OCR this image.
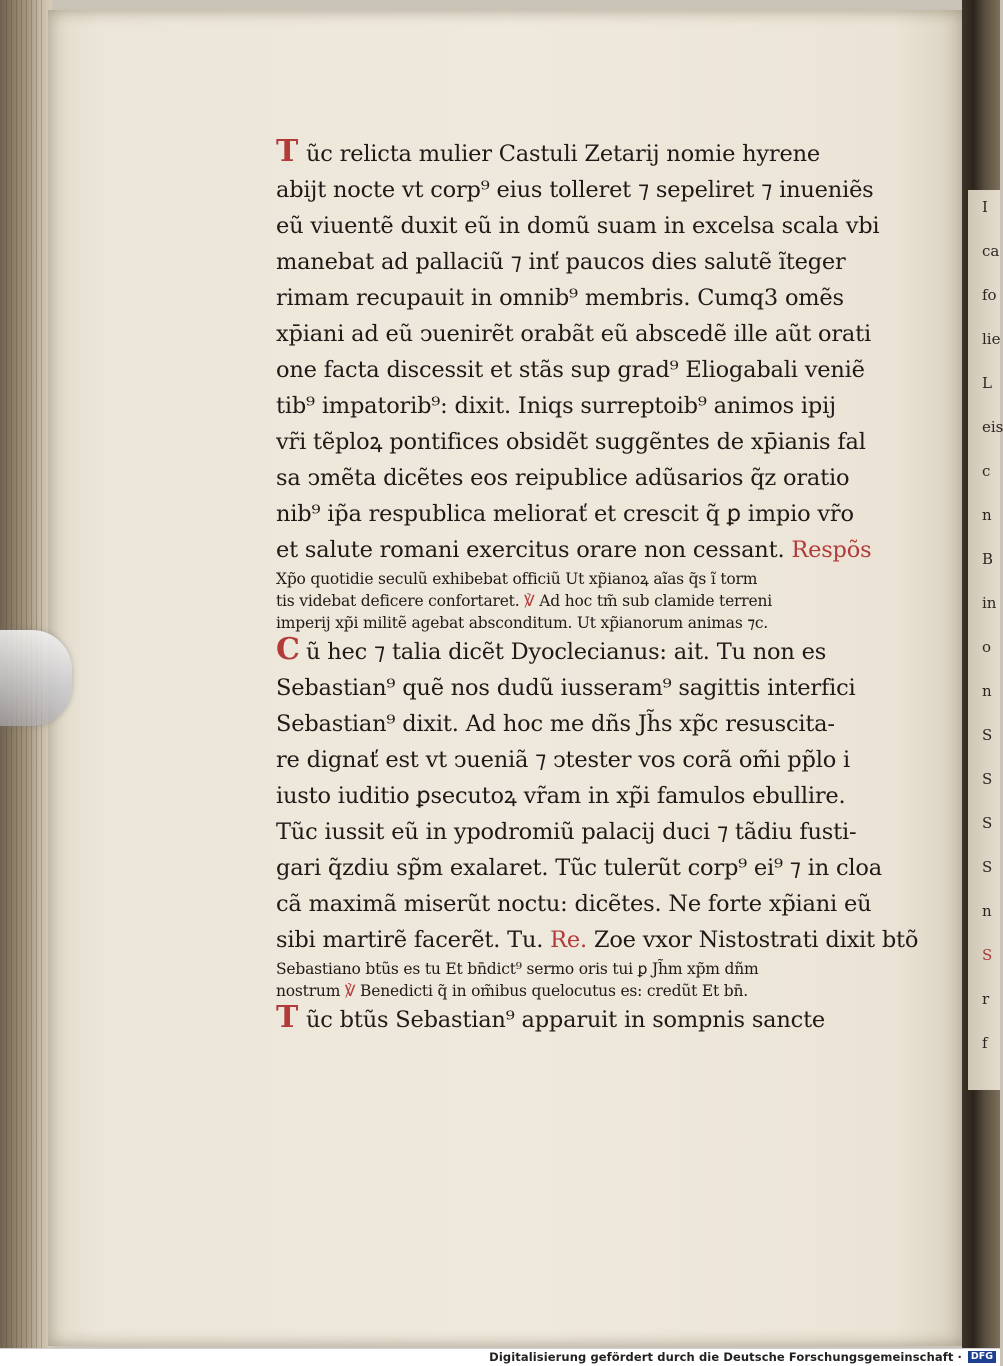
I
ca
fo
lie
L
eis
c
n
B
in
o
n
S
S
S
S
n
S
r
f
T ũc relicta mulier Castuli Zetarij nomie hyrene
abijt nocte vt corp⁹ eius tolleret ⁊ sepeliret ⁊ inueniẽs
eũ viuentẽ duxit eũ in domũ suam in excelsa scala vbi
manebat ad pallaciũ ⁊ inť paucos dies salutẽ ĩteger
rimam recupauit in omnib⁹ membris. Cumq3 omẽs
xp̄iani ad eũ ↄuenirẽt orabãt eũ abscedẽ ille aũt orati
one facta discessit et stãs sup grad⁹ Eliogabali veniẽ
tib⁹ impatorib⁹: dixit. Iniqs surreptoib⁹ animos ipij
vr̃i tẽploꝝ pontifices obsidẽt suggẽntes de xp̄ianis fal
sa ↄmẽta dicẽtes eos reipublice adũsarios q̃z oratio
nib⁹ ip̃a respublica meliorať et crescit q̃ ꝑ impio vr̃o
et salute romani exercitus orare non cessant. Respõs
Xp̃o quotidie seculũ exhibebat officiũ Ut xp̃ianoꝝ aĩas q̃s ĩ torm
tis videbat deficere confortaret. ℣ Ad hoc tm̃ sub clamide terreni
imperij xp̃i militẽ agebat absconditum. Ut xp̃ianorum animas ⁊c.
C ũ hec ⁊ talia dicẽt Dyoclecianus: ait. Tu non es
Sebastian⁹ quẽ nos dudũ iusseram⁹ sagittis interfici
Sebastian⁹ dixit. Ad hoc me dñs Jh̃s xp̃c resuscita-
re dignať est vt ↄueniã ⁊ ↄtester vos corã om̃i pp̃lo i
iusto iuditio ꝑsecutoꝝ vr̃am in xp̃i famulos ebullire.
Tũc iussit eũ in ypodromiũ palacij duci ⁊ tãdiu fusti-
gari q̃zdiu sp̃m exalaret. Tũc tulerũt corp⁹ ei⁹ ⁊ in cloa
cã maximã miserũt noctu: dicẽtes. Ne forte xp̃iani eũ
sibi martirẽ facerẽt. Tu. Re. Zoe vxor Nistostrati dixit btõ
Sebastiano btũs es tu Et bn̄dict⁹ sermo oris tui ꝑ Jh̃m xp̃m dñm
nostrum ℣ Benedicti q̃ in om̃ibus quelocutus es: credũt Et bn̄.
T ũc btũs Sebastian⁹ apparuit in sompnis sancte
Digitalisierung gefördert durch die Deutsche Forschungsgemeinschaft · DFG
